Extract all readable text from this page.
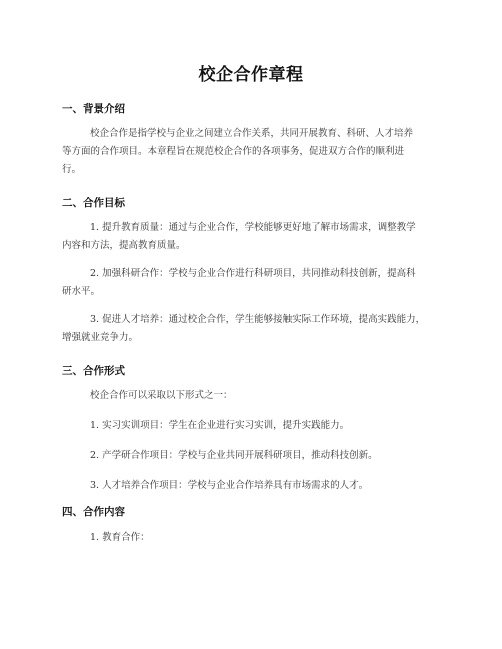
校企合作章程
一、背景介绍
校企合作是指学校与企业之间建立合作关系，共同开展教育、科研、人才培养
等方面的合作项目。本章程旨在规范校企合作的各项事务，促进双方合作的顺利进
行。
二、合作目标
1. 提升教育质量：通过与企业合作，学校能够更好地了解市场需求，调整教学
内容和方法，提高教育质量。
2. 加强科研合作：学校与企业合作进行科研项目，共同推动科技创新，提高科
研水平。
3. 促进人才培养：通过校企合作，学生能够接触实际工作环境，提高实践能力，
增强就业竞争力。
三、合作形式
校企合作可以采取以下形式之一：
1. 实习实训项目：学生在企业进行实习实训，提升实践能力。
2. 产学研合作项目：学校与企业共同开展科研项目，推动科技创新。
3. 人才培养合作项目：学校与企业合作培养具有市场需求的人才。
四、合作内容
1. 教育合作：
